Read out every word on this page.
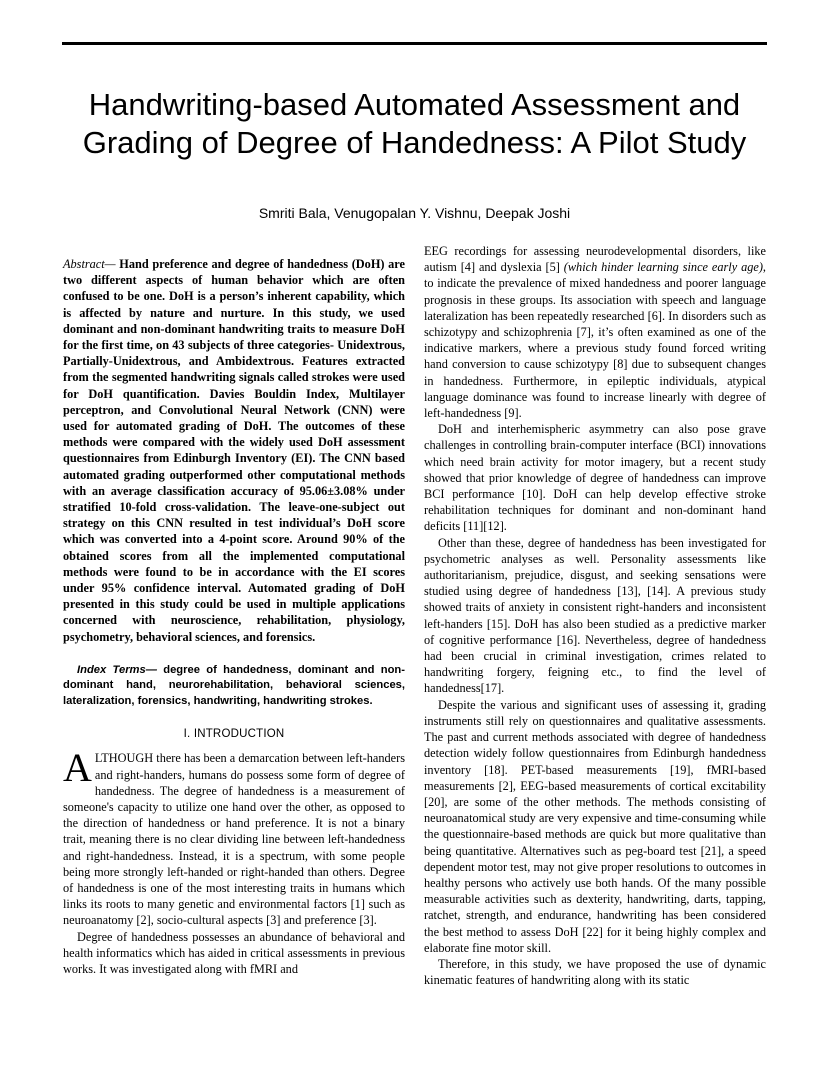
Handwriting-based Automated Assessment and Grading of Degree of Handedness: A Pilot Study
Smriti Bala, Venugopalan Y. Vishnu, Deepak Joshi

Abstract— Hand preference and degree of handedness (DoH) are two different aspects of human behavior which are often confused to be one. DoH is a person’s inherent capability, which is affected by nature and nurture. In this study, we used dominant and non-dominant handwriting traits to measure DoH for the first time, on 43 subjects of three categories- Unidextrous, Partially-Unidextrous, and Ambidextrous. Features extracted from the segmented handwriting signals called strokes were used for DoH quantification. Davies Bouldin Index, Multilayer perceptron, and Convolutional Neural Network (CNN) were used for automated grading of DoH. The outcomes of these methods were compared with the widely used DoH assessment questionnaires from Edinburgh Inventory (EI). The CNN based automated grading outperformed other computational methods with an average classification accuracy of 95.06±3.08% under stratified 10-fold cross-validation. The leave-one-subject out strategy on this CNN resulted in test individual’s DoH score which was converted into a 4-point score. Around 90% of the obtained scores from all the implemented computational methods were found to be in accordance with the EI scores under 95% confidence interval. Automated grading of DoH presented in this study could be used in multiple applications concerned with neuroscience, rehabilitation, physiology, psychometry, behavioral sciences, and forensics.

Index Terms— degree of handedness, dominant and non-dominant hand, neurorehabilitation, behavioral sciences, lateralization, forensics, handwriting, handwriting strokes.

I. INTRODUCTION

ALTHOUGH there has been a demarcation between left-handers and right-handers, humans do possess some form of degree of handedness. The degree of handedness is a measurement of someone's capacity to utilize one hand over the other, as opposed to the direction of handedness or hand preference. It is not a binary trait, meaning there is no clear dividing line between left-handedness and right-handedness. Instead, it is a spectrum, with some people being more strongly left-handed or right-handed than others. Degree of handedness is one of the most interesting traits in humans which links its roots to many genetic and environmental factors [1] such as neuroanatomy [2], socio-cultural aspects [3] and preference [3].

Degree of handedness possesses an abundance of behavioral and health informatics which has aided in critical assessments in previous works. It was investigated along with fMRI and

EEG recordings for assessing neurodevelopmental disorders, like autism [4] and dyslexia [5] (which hinder learning since early age), to indicate the prevalence of mixed handedness and poorer language prognosis in these groups. Its association with speech and language lateralization has been repeatedly researched [6]. In disorders such as schizotypy and schizophrenia [7], it’s often examined as one of the indicative markers, where a previous study found forced writing hand conversion to cause schizotypy [8] due to subsequent changes in handedness. Furthermore, in epileptic individuals, atypical language dominance was found to increase linearly with degree of left-handedness [9].

DoH and interhemispheric asymmetry can also pose grave challenges in controlling brain-computer interface (BCI) innovations which need brain activity for motor imagery, but a recent study showed that prior knowledge of degree of handedness can improve BCI performance [10]. DoH can help develop effective stroke rehabilitation techniques for dominant and non-dominant hand deficits [11][12].

Other than these, degree of handedness has been investigated for psychometric analyses as well. Personality assessments like authoritarianism, prejudice, disgust, and seeking sensations were studied using degree of handedness [13], [14]. A previous study showed traits of anxiety in consistent right-handers and inconsistent left-handers [15]. DoH has also been studied as a predictive marker of cognitive performance [16]. Nevertheless, degree of handedness had been crucial in criminal investigation, crimes related to handwriting forgery, feigning etc., to find the level of handedness[17].

Despite the various and significant uses of assessing it, grading instruments still rely on questionnaires and qualitative assessments. The past and current methods associated with degree of handedness detection widely follow questionnaires from Edinburgh handedness inventory [18]. PET-based measurements [19], fMRI-based measurements [2], EEG-based measurements of cortical excitability [20], are some of the other methods. The methods consisting of neuroanatomical study are very expensive and time-consuming while the questionnaire-based methods are quick but more qualitative than being quantitative. Alternatives such as peg-board test [21], a speed dependent motor test, may not give proper resolutions to outcomes in healthy persons who actively use both hands. Of the many possible measurable activities such as dexterity, handwriting, darts, tapping, ratchet, strength, and endurance, handwriting has been considered the best method to assess DoH [22] for it being highly complex and elaborate fine motor skill.

Therefore, in this study, we have proposed the use of dynamic kinematic features of handwriting along with its static
